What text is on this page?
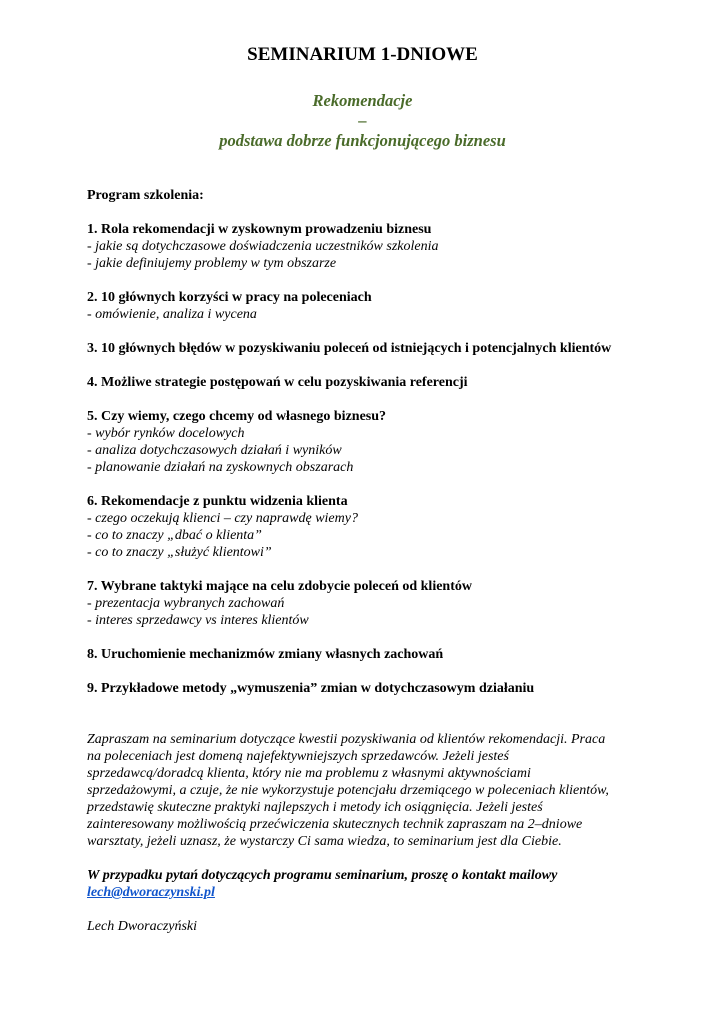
SEMINARIUM 1-DNIOWE
Rekomendacje
–
podstawa dobrze funkcjonującego biznesu
Program szkolenia:
1. Rola rekomendacji w zyskownym prowadzeniu biznesu
- jakie są dotychczasowe doświadczenia uczestników szkolenia
- jakie definiujemy problemy w tym obszarze
2. 10 głównych korzyści w pracy na poleceniach
- omówienie, analiza i wycena
3. 10 głównych błędów w pozyskiwaniu poleceń od istniejących i potencjalnych klientów
4. Możliwe strategie postępowań w celu pozyskiwania referencji
5. Czy wiemy, czego chcemy od własnego biznesu?
- wybór rynków docelowych
- analiza dotychczasowych działań i wyników
- planowanie działań na zyskownych obszarach
6. Rekomendacje z punktu widzenia klienta
- czego oczekują klienci – czy naprawdę wiemy?
- co to znaczy „dbać o klienta”
- co to znaczy „służyć klientowi”
7. Wybrane taktyki mające na celu zdobycie poleceń od klientów
- prezentacja wybranych zachowań
- interes sprzedawcy vs interes klientów
8. Uruchomienie mechanizmów zmiany własnych zachowań
9. Przykładowe metody „wymuszenia” zmian w dotychczasowym działaniu
Zapraszam na seminarium dotyczące kwestii pozyskiwania od klientów rekomendacji. Praca
na poleceniach jest domeną najefektywniejszych sprzedawców. Jeżeli jesteś
sprzedawcą/doradcą klienta, który nie ma problemu z własnymi aktywnościami
sprzedażowymi, a czuje, że nie wykorzystuje potencjału drzemiącego w poleceniach klientów,
przedstawię skuteczne praktyki najlepszych i metody ich osiągnięcia. Jeżeli jesteś
zainteresowany możliwością przećwiczenia skutecznych technik zapraszam na 2–dniowe
warsztaty, jeżeli uznasz, że wystarczy Ci sama wiedza, to seminarium jest dla Ciebie.
W przypadku pytań dotyczących programu seminarium, proszę o kontakt mailowy
lech@dworaczynski.pl
Lech Dworaczyński
